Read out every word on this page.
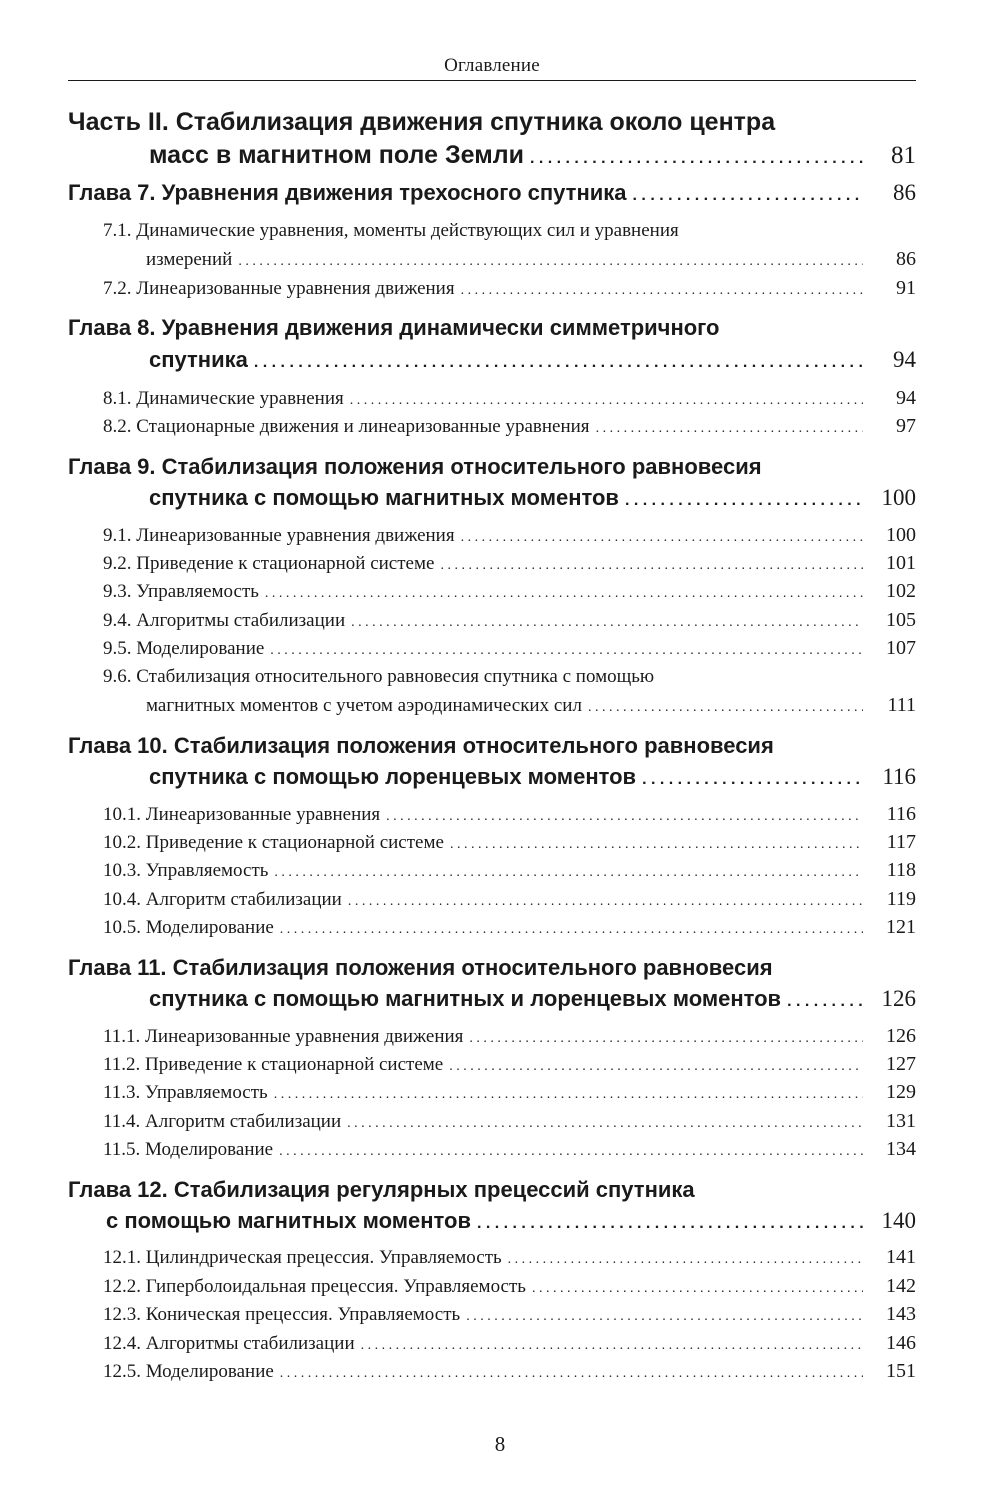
Оглавление
Часть II. Стабилизация движения спутника около центра
масс в магнитном поле Земли . . .	81
Глава 7. Уравнения движения трехосного спутника . . .	86
7.1. Динамические уравнения, моменты действующих сил и уравнения
измерений . . .	86
7.2. Линеаризованные уравнения движения . . .	91
Глава 8. Уравнения движения динамически симметричного
спутника . . .	94
8.1. Динамические уравнения . . .	94
8.2. Стационарные движения и линеаризованные уравнения . . .	97
Глава 9. Стабилизация положения относительного равновесия
спутника с помощью магнитных моментов . . .	100
9.1. Линеаризованные уравнения движения . . .	100
9.2. Приведение к стационарной системе . . .	101
9.3. Управляемость . . .	102
9.4. Алгоритмы стабилизации . . .	105
9.5. Моделирование . . .	107
9.6. Стабилизация относительного равновесия спутника с помощью
магнитных моментов с учетом аэродинамических сил . . .	111
Глава 10. Стабилизация положения относительного равновесия
спутника с помощью лоренцевых моментов . . .	116
10.1. Линеаризованные уравнения . . .	116
10.2. Приведение к стационарной системе . . .	117
10.3. Управляемость . . .	118
10.4. Алгоритм стабилизации . . .	119
10.5. Моделирование . . .	121
Глава 11. Стабилизация положения относительного равновесия
спутника с помощью магнитных и лоренцевых моментов . . .	126
11.1. Линеаризованные уравнения движения . . .	126
11.2. Приведение к стационарной системе . . .	127
11.3. Управляемость . . .	129
11.4. Алгоритм стабилизации . . .	131
11.5. Моделирование . . .	134
Глава 12. Стабилизация регулярных прецессий спутника
с помощью магнитных моментов . . .	140
12.1. Цилиндрическая прецессия. Управляемость . . .	141
12.2. Гиперболоидальная прецессия. Управляемость . . .	142
12.3. Коническая прецессия. Управляемость . . .	143
12.4. Алгоритмы стабилизации . . .	146
12.5. Моделирование . . .	151
8
